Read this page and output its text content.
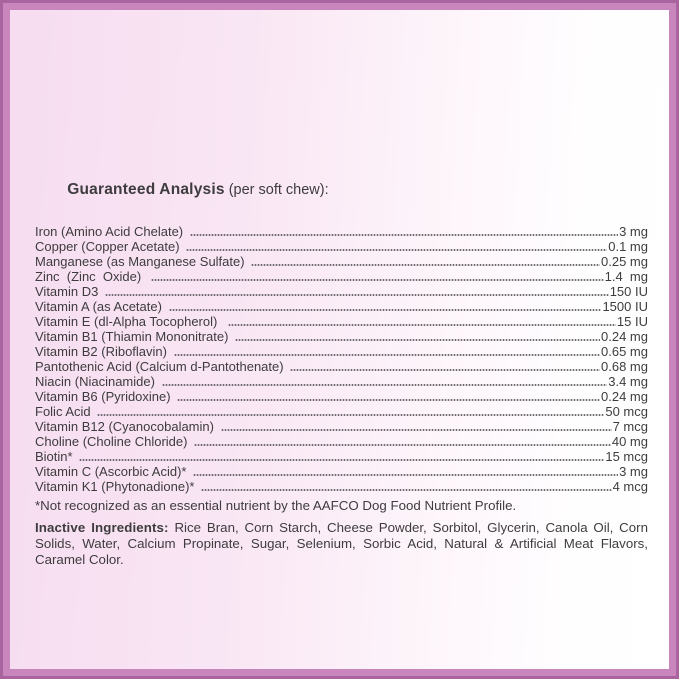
Guaranteed Analysis (per soft chew):

Iron (Amino Acid Chelate)	3 mg
Copper (Copper Acetate)	0.1 mg
Manganese (as Manganese Sulfate)	0.25 mg
Zinc  (Zinc  Oxide)	1.4  mg
Vitamin D3	150 IU
Vitamin A (as Acetate)	1500 IU
Vitamin E (dl-Alpha Tocopherol)	15 IU
Vitamin B1 (Thiamin Mononitrate)	0.24 mg
Vitamin B2 (Riboflavin)	0.65 mg
Pantothenic Acid (Calcium d-Pantothenate)	0.68 mg
Niacin (Niacinamide)	3.4 mg
Vitamin B6 (Pyridoxine)	0.24 mg
Folic Acid	50 mcg
Vitamin B12 (Cyanocobalamin)	7 mcg
Choline (Choline Chloride)	40 mg
Biotin*	15 mcg
Vitamin C (Ascorbic Acid)*	3 mg
Vitamin K1 (Phytonadione)*	4 mcg
*Not recognized as an essential nutrient by the AAFCO Dog Food Nutrient Profile.

Inactive Ingredients: Rice Bran, Corn Starch, Cheese Powder, Sorbitol, Glycerin, Canola Oil, Corn Solids, Water, Calcium Propinate, Sugar, Selenium, Sorbic Acid, Natural & Artificial Meat Flavors, Caramel Color.
